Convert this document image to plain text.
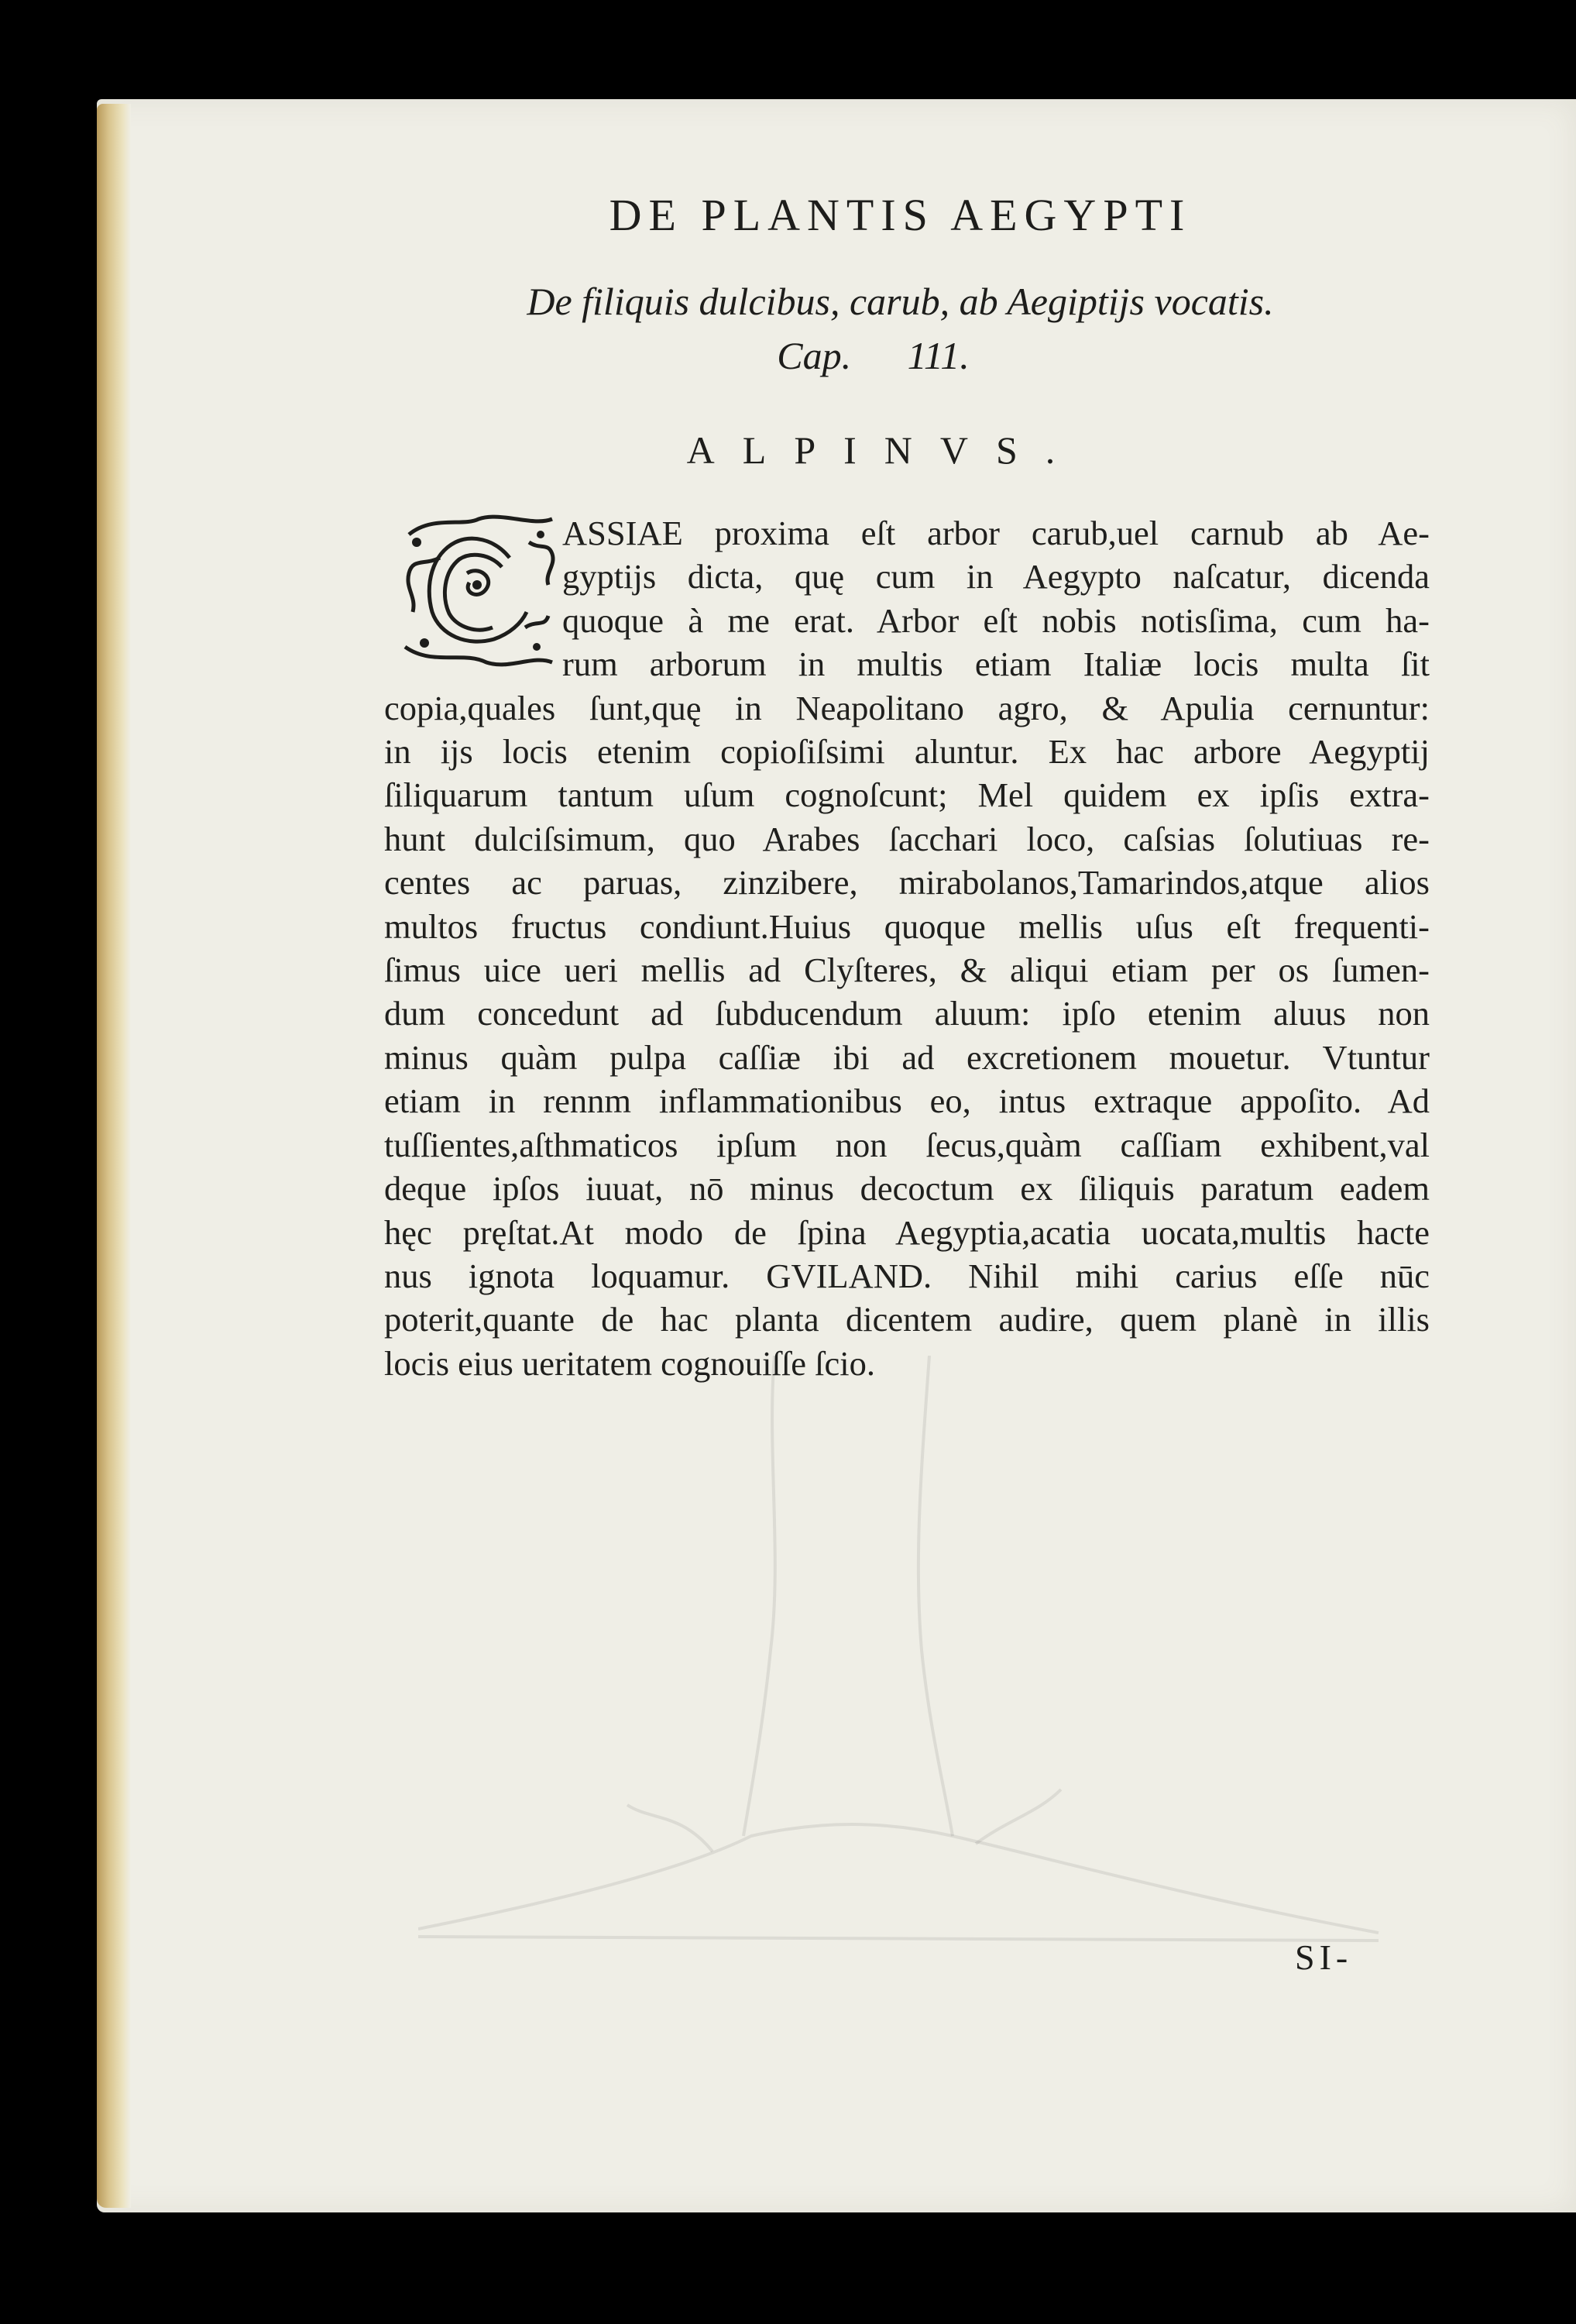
DE PLANTIS AEGYPTI
De filiquis dulcibus, carub, ab Aegiptijs vocatis.
Cap. 111.
ALPINVS.
ASSIAE proxima eſt arbor carub,uel carnub ab Ae-
gyptijs dicta, quę cum in Aegypto naſcatur, dicenda
quoque à me erat. Arbor eſt nobis notisſima, cum ha-
rum arborum in multis etiam Italiæ locis multa ſit
copia,quales ſunt,quę in Neapolitano agro, & Apulia cernuntur:
in ijs locis etenim copioſiſsimi aluntur. Ex hac arbore Aegyptij
ſiliquarum tantum uſum cognoſcunt; Mel quidem ex ipſis extra-
hunt dulciſsimum, quo Arabes ſacchari loco, caſsias ſolutiuas re-
centes ac paruas, zinzibere, mirabolanos,Tamarindos,atque alios
multos fructus condiunt.Huius quoque mellis uſus eſt frequenti-
ſimus uice ueri mellis ad Clyſteres, & aliqui etiam per os ſumen-
dum concedunt ad ſubducendum aluum: ipſo etenim aluus non
minus quàm pulpa caſſiæ ibi ad excretionem mouetur. Vtuntur
etiam in rennm inflammationibus eo, intus extraque appoſito. Ad
tuſſientes,aſthmaticos ipſum non ſecus,quàm caſſiam exhibent,val
deque ipſos iuuat, nō minus decoctum ex ſiliquis paratum eadem
hęc pręſtat.At modo de ſpina Aegyptia,acatia uocata,multis hacte
nus ignota loquamur. GVILAND. Nihil mihi carius eſſe nūc
poterit,quante de hac planta dicentem audire, quem planè in illis
locis eius ueritatem cognouiſſe ſcio.
SI-
